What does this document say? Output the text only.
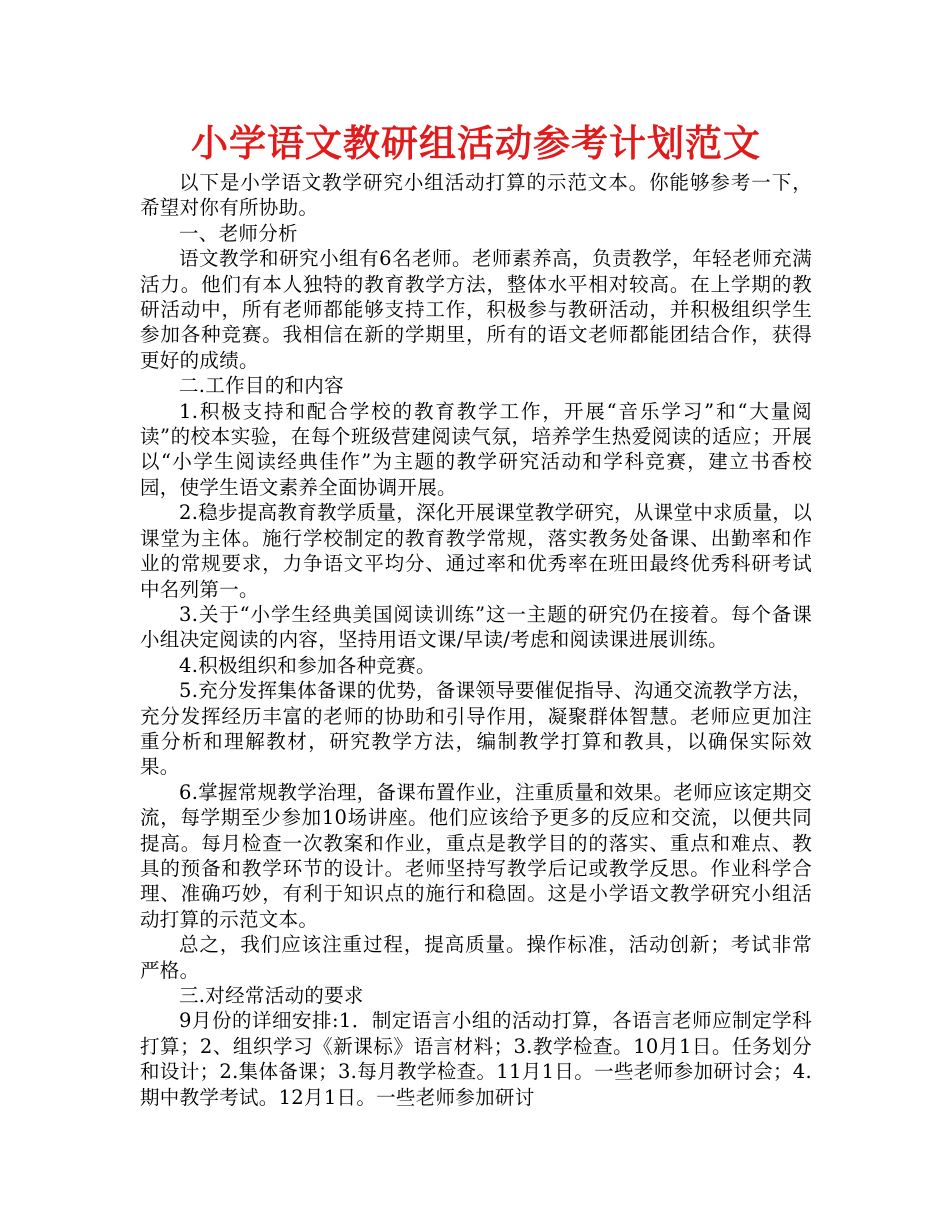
小学语文教研组活动参考计划范文

以下是小学语文教学研究小组活动打算的示范文本。你能够参考一下，希望对你有所协助。

一、老师分析

语文教学和研究小组有6名老师。老师素养高，负责教学，年轻老师充满活力。他们有本人独特的教育教学方法，整体水平相对较高。在上学期的教研活动中，所有老师都能够支持工作，积极参与教研活动，并积极组织学生参加各种竞赛。我相信在新的学期里，所有的语文老师都能团结合作，获得更好的成绩。

二.工作目的和内容

1.积极支持和配合学校的教育教学工作，开展“音乐学习”和“大量阅读”的校本实验，在每个班级营建阅读气氛，培养学生热爱阅读的适应；开展以“小学生阅读经典佳作”为主题的教学研究活动和学科竞赛，建立书香校园，使学生语文素养全面协调开展。

2.稳步提高教育教学质量，深化开展课堂教学研究，从课堂中求质量，以课堂为主体。施行学校制定的教育教学常规，落实教务处备课、出勤率和作业的常规要求，力争语文平均分、通过率和优秀率在班田最终优秀科研考试中名列第一。

3.关于“小学生经典美国阅读训练”这一主题的研究仍在接着。每个备课小组决定阅读的内容，坚持用语文课/早读/考虑和阅读课进展训练。

4.积极组织和参加各种竞赛。

5.充分发挥集体备课的优势，备课领导要催促指导、沟通交流教学方法，充分发挥经历丰富的老师的协助和引导作用，凝聚群体智慧。老师应更加注重分析和理解教材，研究教学方法，编制教学打算和教具，以确保实际效果。

6.掌握常规教学治理，备课布置作业，注重质量和效果。老师应该定期交流，每学期至少参加10场讲座。他们应该给予更多的反应和交流，以便共同提高。每月检查一次教案和作业，重点是教学目的的落实、重点和难点、教具的预备和教学环节的设计。老师坚持写教学后记或教学反思。作业科学合理、准确巧妙，有利于知识点的施行和稳固。这是小学语文教学研究小组活动打算的示范文本。

总之，我们应该注重过程，提高质量。操作标准，活动创新；考试非常严格。

三.对经常活动的要求

9月份的详细安排:1．制定语言小组的活动打算，各语言老师应制定学科打算；2、组织学习《新课标》语言材料；3.教学检查。10月1日。任务划分和设计；2.集体备课；3.每月教学检查。11月1日。一些老师参加研讨会；4.期中教学考试。12月1日。一些老师参加研讨
